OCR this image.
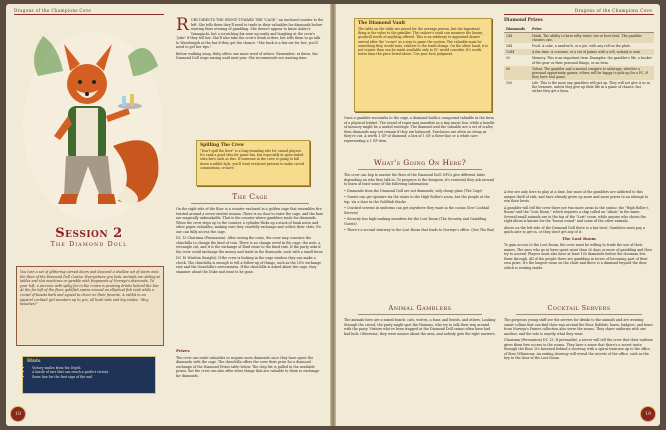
Dragons of the Champions Cove
Session 2
The Diamond Doll
You turn a set of glittering carved doors and descend a shallow set of stairs onto the floor of the Diamond Doll Casino. Everywhere you look, animals are sitting at tables and slot machines or gamble with fragments of Norwyn's diamonds. To your left, a raccoon with spiky fur in the crown is praising drinks behind the bar. At the far left of the floor, goldfish swims around an elliptical fish tank while a crowd of beasts bark and squeal to cheer on their favorite. A rabbit in an apparel cocktail girl saunters up to you, all bush tails and big smiles. "Hey beauties!"
Hints
• Victory smiles from the Depth
• A horde of rats that can reach a perfect victory
• Draw line for the first sign of the end

RUBY DIRECTS THE GROUP TOWARD THE "CAGE," an enclosed counter to the left. She tells them they'll need to trade in their valuables for diamonds before starting their evening of gambling. She doesn't appear to know Ashiri's Yamaguchi, but a scratching fox nose up easily and laughing at the crow's "joke" if they tell her. She'll also take the crow's drink orders, but tells them to go talk to Wavelength at the bar if they get the chance. "She back is a fair ear for her; you'll need to get her tips."

Before walking away, Ruby offers one more word of advice. Remember: at dawn, the Diamond Doll stops raising until next year. She recommends not wasting time.

Spilling The Crew
"Don't spill the beer" is a long-standing rule for casual players. It's rank a good idea for game fun, but especially in open-ended sites here such as this. If someone in the crew is going to fall down a rabbit hole, you'll want everyone present to make crowd commotions, or have
The Cage

On the right side of the floor is a counter enclosed in a golden cage that resembles fire twisted around a seven-storied woman. There is no door to enter the cage, and the bars are magically unbreakable. That is the counter where gamblers trade for diamonds. When the crew steps up to the counter, a cylinder flicks up a stack of bank notes and other paper valuables, making sure they carefully exchange and collect their chits. No one can fully access the cage.

DC 13 Charisma (Persuasion): After seeing the coins, the crew may convince the chinchilla to change the kind of coin. There is no change owed in the cage, the note, a rectangle cut, and it is the exchange of fluid stone to the fixed rate. If the party asks if the crew could exchange the money and trade in the diamonds, each with a small favor.

DC 16 Wisdom (Insight): If the crew is looking in the cage window they can make a check. The chinchilla is enough to tell a follow-up of things, such as the 10% exchange rate and the chinchilla's nervousness. If the chinchilla is asked about the cage, they stammer about the Duke and want to be gone.

Prizes

The crew can trade valuables to acquire more diamonds once they have spent the diamonds with the cage. The chinchilla offers the crew their prize for a diamond exchange of the Diamond Prizes table below. The chip list is pulled in the available prizes, but the crew can also offer other things that are valuable to them to exchange for diamonds.

18
Dragons of the Champions Cove
The Diamond Vault
The table on the table are priced for the average person, but the important thing is the value to the gambler. The cashier's vault can measure the luxury, goodwill worth of anything offered. This is an arbitrary to-appraised dinner served after the "crows" as a way to game the system. The valuable must be something they would miss, relative to the trade doings. On the other hand, it is not crazier than can be made available only to PC would consider. It's worth lower than the price listed above. Use your best judgment.

Once a gambler succumbs to the cage, a diamond holds a compound valuable in the form of a physical trinket. The round of ropes may manifest as a tiny music box, while a bundle of memory might be a sealed envelope. The diamond and the valuable are a set of scales; then diamonds may not remain if they are balanced. Purchases are often as cheap as they're cut. A worth 1 GP of diamond; a box of 1 GP, a three-line or a white care representing a 1 GP item.

What's Going On Here?

The crow can hop to master the floor of the Diamond Doll. NPCs give different hints depending on who they talk to. To progress to the dungeon, it's essential they ask around to learn at least some of the following information:

• Diamonds from the Diamond Doll are not diamonds; only cheap glass (The Cage)

• Guests can get upstairs via the stairs to the High Roller's room, but the people at the top, via a door in the Goldlink Stacks

• Cracked screens in uniforms can get anywhere they want in the casino (See Cocktail Servers)

• Security has high-ranking members for the Lost Room (The Security and Gambling Guests)

• There's a second stairway to the Lost Room that leads to Norwyn's office. (See The Bar)

Animal Gamblers

The animals here are a mixed bunch: cats, wolves, a boar, and beasts, and others. Looking through the crowd, the party might spot the Humans, who try to talk their way around with the party. Visitors who've been trapped at the Diamond Doll casino often have had bad luck. Otherwise, they were unsure about the area, and nobody gets the right answers.

Diamond Prizes
Diamonds	Prize
1d4	Drink. The ability to have nifty water, tea or beer fruit. The gambler chooses one.
5d4	Food. A cake, a sandwich, or a pie, with any roll on the plate.
10d4	A fun time. A costume, or a set of paints with a roll; nobody is sure.
30	Memory. This is an important item. Examples: the gambler's life, a bucket of the gear or their personal things, or an item.
60	Talent. The gambler and a mutual conspire to sabotage; whether a personal opportunity gamer; others will be happy to pick up for a PC, if they have real game.
100	Life. This is the most any gamblers will put up. They will not give it as in the treasure, unless they give up their life in a game of chance, but rather they get a boon.

A few are only here to play at a time, but most of the gamblers are addicted to this unique thrill of risk, and have already given up more and more prizes in an attempt to win their bests.

A gambler will tell the crew there are two more areas in the casino: the "High Roller's Room" and the "Lost Room," which requires a chip called an "idiom" in the name. Several small animals are in the top of the "Lost" room, while anyone who shows the right idiom is known for the "bonus round" and some of the other animals.

Above on the left side of the Diamond Doll there is a bar stool. Gamblers must pay a quick ante to get in, or they don't get any of it.

The Lost Room

To gain access to the Lost Room, the crew must be willing to trade the use of their names. The ones who go in have spent more than 20 days or more of gambling and then try to ascend. Players must also have at least 100 diamonds before the doorman lets them through. All of the people there are gambling in terror of becoming part of their own prize. It's the longest room on the chart and there is a diamond beyond the door, which is waiting inside.

Cocktail Servers

The gorgeous young staff are the servers for drinks to the animals and are wearing smart-collars that can find their way around the floor. Rabbits, hares, badgers, and foxes from Norwyn's Fumes collection also serve the rooms. They share uniforms with one another, and the role is exactly what they wear.

Charisma (Persuasion) DC 13: If persuaded, a server will tell the crew that their uniform gives them free access to the rooms. They have a sense that there's a secret route through the floor. It's fastened behind a doorway with a spiral staircase up to the office of Boss Villaneous. An exiting doorway will reveal the secrets of the office, such as the key to the door of the Lost Room.

19
